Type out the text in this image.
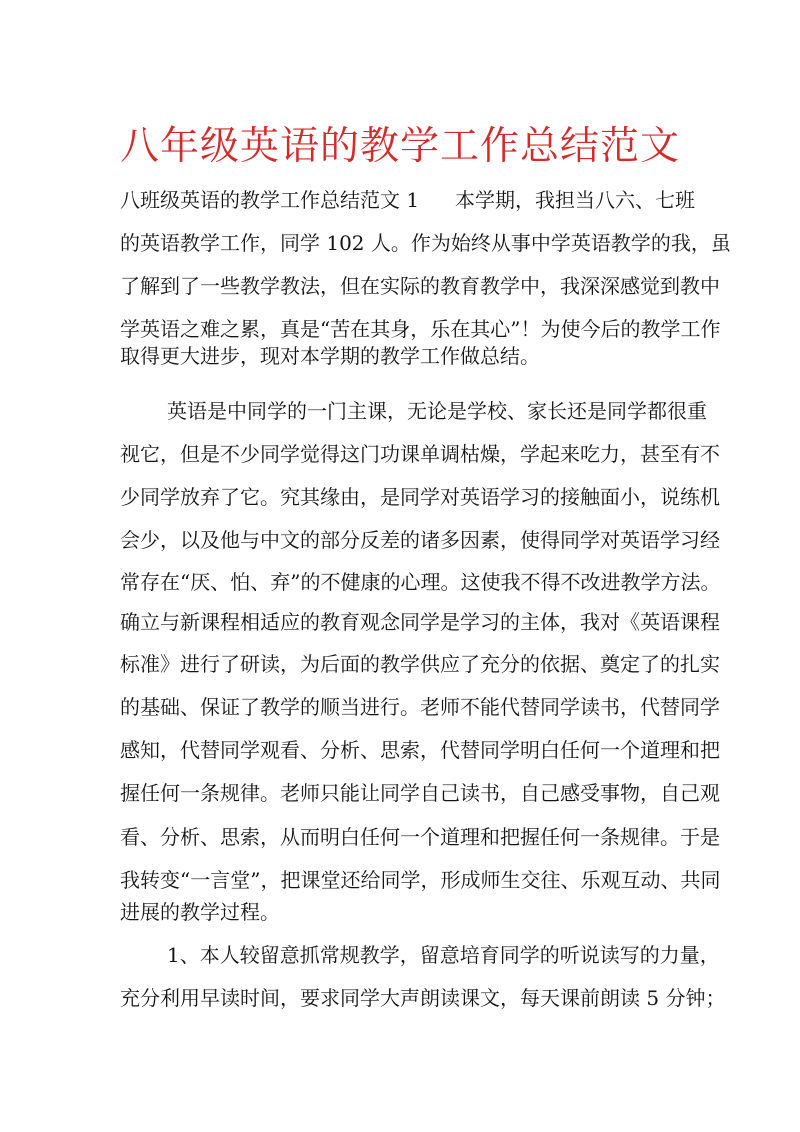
八年级英语的教学工作总结范文
八班级英语的教学工作总结范文 1 本学期，我担当八六、七班
的英语教学工作，同学 102 人。作为始终从事中学英语教学的我，虽
了解到了一些教学教法，但在实际的教育教学中，我深深感觉到教中
学英语之难之累，真是“苦在其身，乐在其心”！为使今后的教学工作
取得更大进步，现对本学期的教学工作做总结。
英语是中同学的一门主课，无论是学校、家长还是同学都很重
视它，但是不少同学觉得这门功课单调枯燥，学起来吃力，甚至有不
少同学放弃了它。究其缘由，是同学对英语学习的接触面小，说练机
会少，以及他与中文的部分反差的诸多因素，使得同学对英语学习经
常存在“厌、怕、弃”的不健康的心理。这使我不得不改进教学方法。
确立与新课程相适应的教育观念同学是学习的主体，我对《英语课程
标准》进行了研读，为后面的教学供应了充分的依据、奠定了的扎实
的基础、保证了教学的顺当进行。老师不能代替同学读书，代替同学
感知，代替同学观看、分析、思索，代替同学明白任何一个道理和把
握任何一条规律。老师只能让同学自己读书，自己感受事物，自己观
看、分析、思索，从而明白任何一个道理和把握任何一条规律。于是
我转变“一言堂”，把课堂还给同学，形成师生交往、乐观互动、共同
进展的教学过程。
1、本人较留意抓常规教学，留意培育同学的听说读写的力量，
充分利用早读时间，要求同学大声朗读课文，每天课前朗读 5 分钟；
